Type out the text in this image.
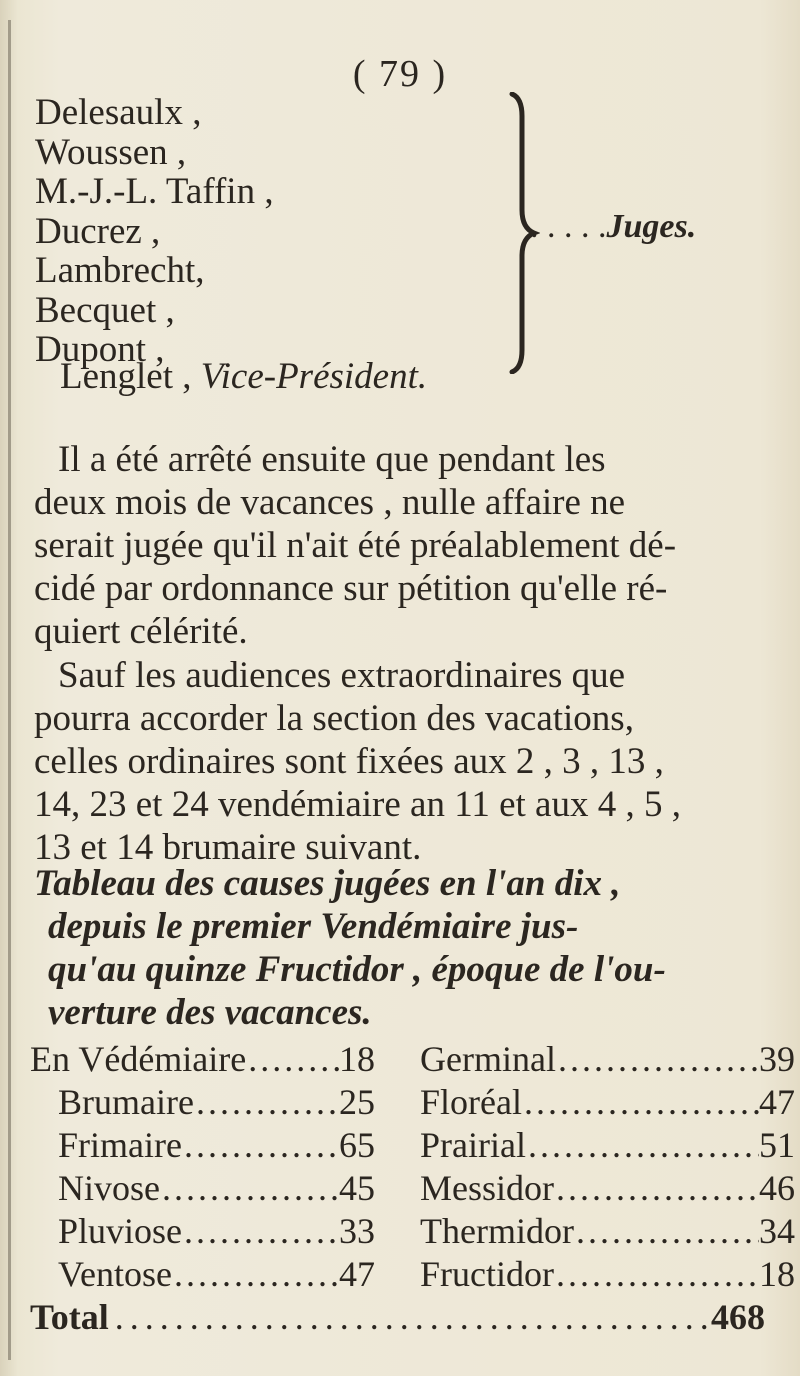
( 79 )
Delesaulx ,
Woussen ,
M.-J.-L. Taffin ,
Ducrez ,
Lambrecht,
Becquet ,
Dupont ,
. . . . .Juges.
Lenglet , Vice-Président.
Il a été arrêté ensuite que pendant les
deux mois de vacances , nulle affaire ne
serait jugée qu'il n'ait été préalablement dé-
cidé par ordonnance sur pétition qu'elle ré-
quiert célérité.
Sauf les audiences extraordinaires que
pourra accorder la section des vacations,
celles ordinaires sont fixées aux 2 , 3 , 13 ,
14, 23 et 24 vendémiaire an 11 et aux 4 , 5 ,
13 et 14 brumaire suivant.
Tableau des causes jugées en l'an dix ,
depuis le premier Vendémiaire jus-
qu'au quinze Fructidor , époque de l'ou-
verture des vacances.
En Védémiaire .....	18
Brumaire .....	25
Frimaire .....	65
Nivose .....	45
Pluviose .....	33
Ventose .....	47
Germinal .....	39
Floréal .....	47
Prairial .....	51
Messidor .....	46
Thermidor .....	34
Fructidor .....	18
Total .....	468
